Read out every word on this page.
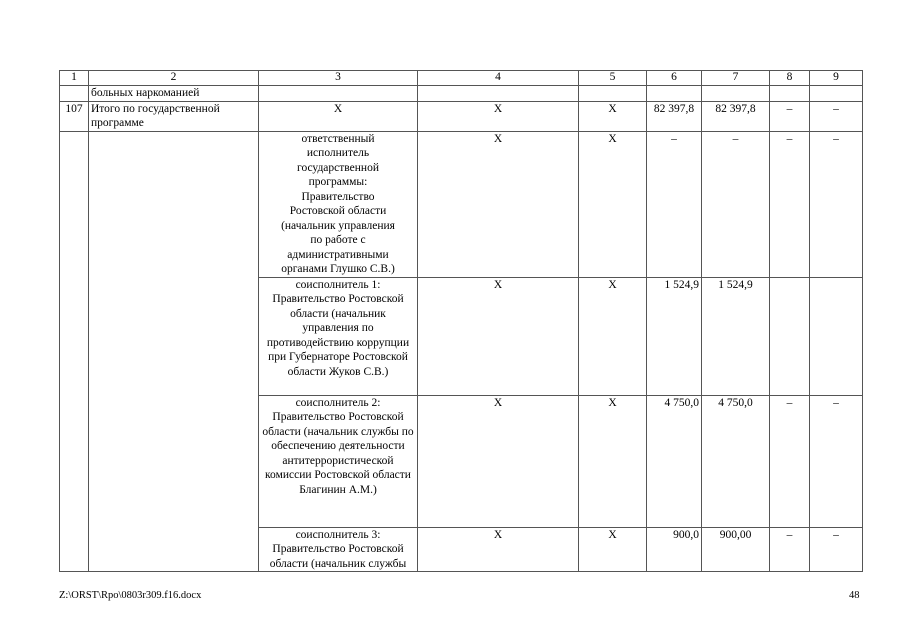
1	2	3	4	5	6	7	8	9
	больных наркоманией							
107	Итого по государственной программе	X	X	X	82 397,8	82 397,8	–	–
		ответственный исполнитель государственной программы: Правительство Ростовской области (начальник управления по работе с административными органами Глушко С.В.)	X	X	–	–	–	–
		соисполнитель 1: Правительство Ростовской области (начальник управления по противодействию коррупции при Губернаторе Ростовской области Жуков С.В.)	X	X	1 524,9	1 524,9		
		соисполнитель 2: Правительство Ростовской области (начальник службы по обеспечению деятельности антитеррористической комиссии Ростовской области Благинин А.М.)	X	X	4 750,0	4 750,0	–	–
		соисполнитель 3: Правительство Ростовской области (начальник службы	X	X	900,0	900,00	–	–
Z:\ORST\Rpo\0803r309.f16.docx	48
